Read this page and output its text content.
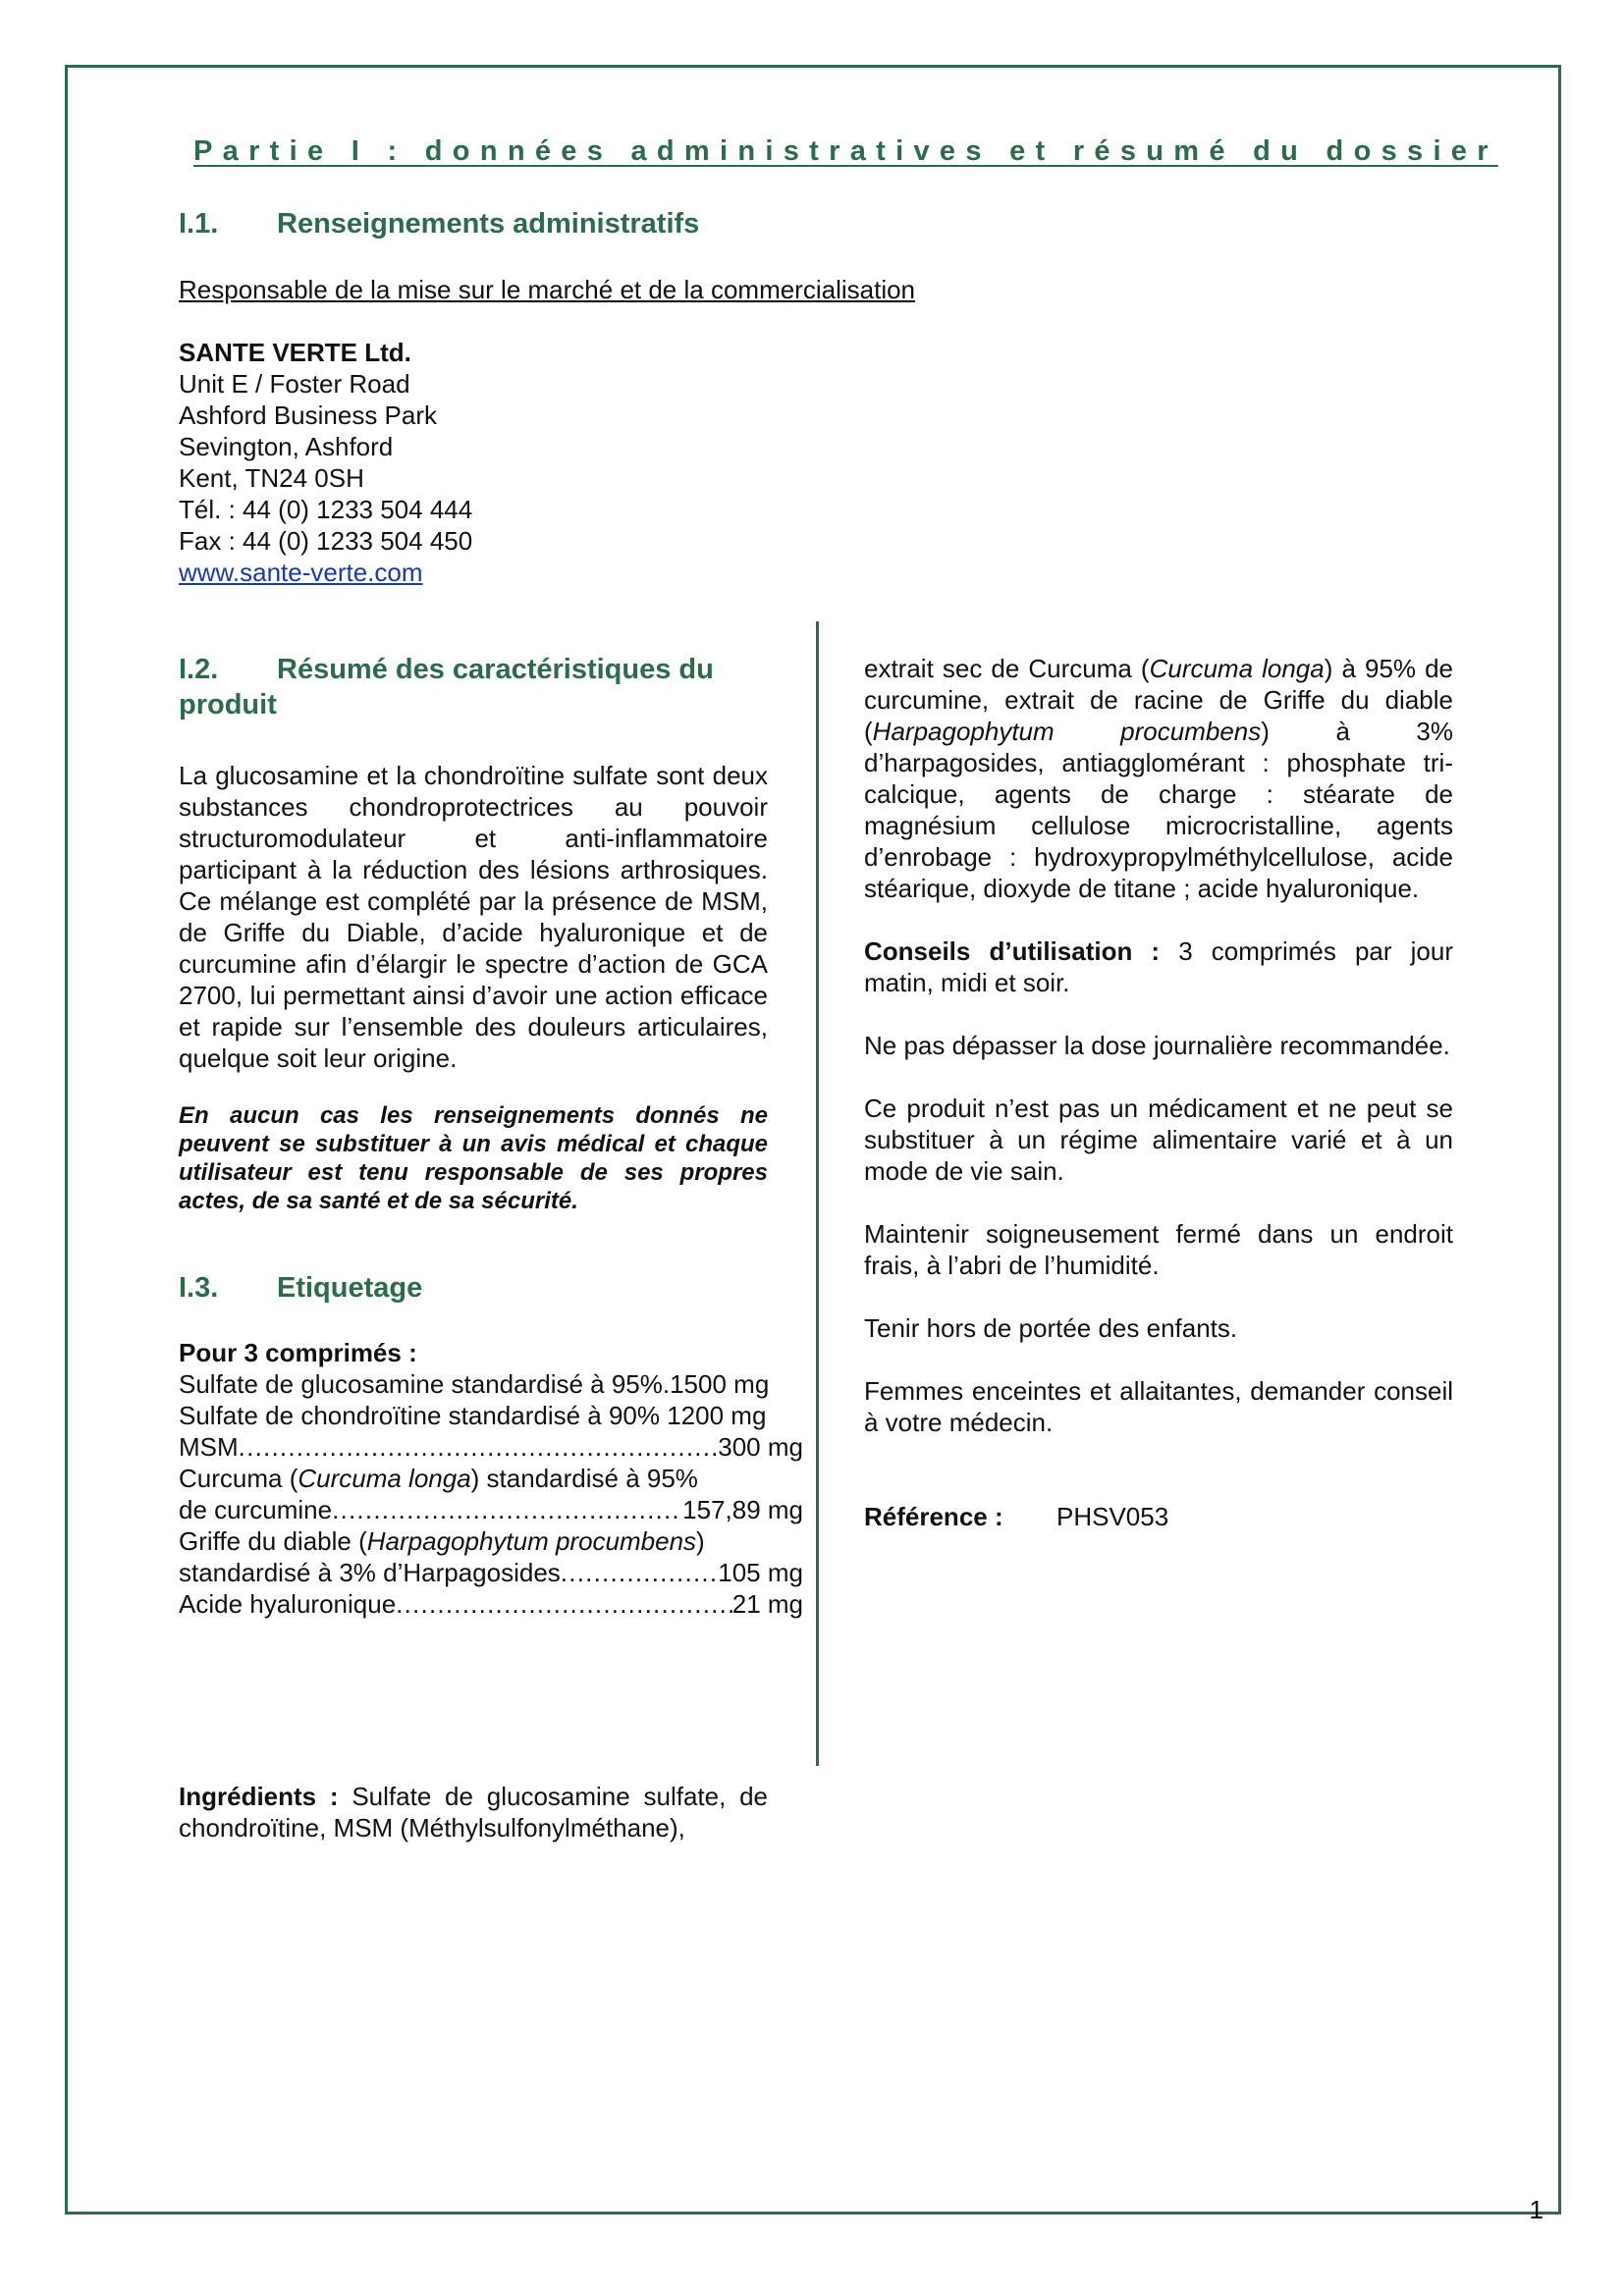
Partie I : données administratives et résumé du dossier
I.1. Renseignements administratifs

Responsable de la mise sur le marché et de la commercialisation

SANTE VERTE Ltd.

Unit E / Foster Road

Ashford Business Park

Sevington, Ashford

Kent, TN24 0SH

Tél. : 44 (0) 1233 504 444

Fax : 44 (0) 1233 504 450

www.sante-verte.com

I.2. Résumé des caractéristiques du produit

La glucosamine et la chondroïtine sulfate sont deux substances chondroprotectrices au pouvoir structuromodulateur et anti-inflammatoire participant à la réduction des lésions arthrosiques. Ce mélange est complété par la présence de MSM, de Griffe du Diable, d’acide hyaluronique et de curcumine afin d’élargir le spectre d’action de GCA 2700, lui permettant ainsi d’avoir une action efficace et rapide sur l’ensemble des douleurs articulaires, quelque soit leur origine.

En aucun cas les renseignements donnés ne peuvent se substituer à un avis médical et chaque utilisateur est tenu responsable de ses propres actes, de sa santé et de sa sécurité.

I.3. Etiquetage

Pour 3 comprimés :

Sulfate de glucosamine standardisé à 95%.1500 mg

Sulfate de chondroïtine standardisé à 90% 1200 mg

MSM . . .	300 mg

Curcuma (Curcuma longa) standardisé à 95%

de curcumine . . .	157,89 mg

Griffe du diable (Harpagophytum procumbens)

standardisé à 3% d’Harpagosides . . .	105 mg
Acide hyaluronique . . .	21 mg
Ingrédients : Sulfate de glucosamine sulfate, de chondroïtine, MSM (Méthylsulfonylméthane),

extrait sec de Curcuma (Curcuma longa) à 95% de curcumine, extrait de racine de Griffe du diable (Harpagophytum procumbens) à 3% d’harpagosides, antiagglomérant : phosphate tri-calcique, agents de charge : stéarate de magnésium cellulose microcristalline, agents d’enrobage : hydroxypropylméthylcellulose, acide stéarique, dioxyde de titane ; acide hyaluronique.

Conseils d’utilisation : 3 comprimés par jour matin, midi et soir.

Ne pas dépasser la dose journalière recommandée.

Ce produit n’est pas un médicament et ne peut se substituer à un régime alimentaire varié et à un mode de vie sain.

Maintenir soigneusement fermé dans un endroit frais, à l’abri de l’humidité.

Tenir hors de portée des enfants.

Femmes enceintes et allaitantes, demander conseil à votre médecin.

Référence :	PHSV053
1
